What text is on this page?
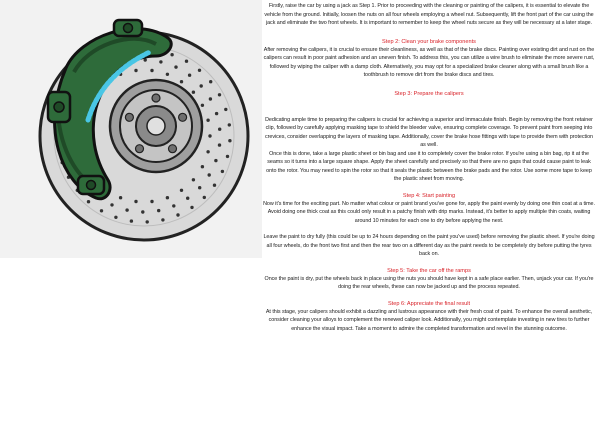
Firstly, raise the car by using a jack as Step 1. Prior to proceeding with the cleaning or painting of the calipers, it is essential to elevate the vehicle from the ground. Initially, loosen the nuts on all four wheels employing a wheel nut. Subsequently, lift the front part of the car using the jack and eliminate the two front wheels. It is important to remember to keep the wheel nuts secure as they will be necessary at a later stage.

Step 2: Clean your brake components

After removing the calipers, it is crucial to ensure their cleanliness, as well as that of the brake discs. Painting over existing dirt and rust on the calipers can result in poor paint adhesion and an uneven finish. To address this, you can utilize a wire brush to eliminate the more severe rust, followed by wiping the caliper with a damp cloth. Alternatively, you may opt for a specialized brake cleaner along with a small brush like a toothbrush to remove dirt from the brake discs and tires.

Step 3: Prepare the calipers

Dedicating ample time to preparing the calipers is crucial for achieving a superior and immaculate finish. Begin by removing the front retainer clip, followed by carefully applying masking tape to shield the bleeder valve, ensuring complete coverage. To prevent paint from seeping into crevices, consider overlapping the layers of masking tape. Additionally, cover the brake hose fittings with tape to provide them with protection as well.

Once this is done, take a large plastic sheet or bin bag and use it to completely cover the brake rotor. If you're using a bin bag, rip it at the seams so it turns into a large square shape. Apply the sheet carefully and precisely so that there are no gaps that could cause paint to leak onto the rotor. You may need to spin the rotor so that it seals the plastic between the brake pads and the rotor. Use some more tape to keep the plastic sheet from moving.

Step 4: Start painting

Now it's time for the exciting part. No matter what colour or paint brand you've gone for, apply the paint evenly by doing one thin coat at a time. Avoid doing one thick coat as this could only result in a patchy finish with drip marks. Instead, it's better to apply multiple thin coats, waiting around 10 minutes for each one to dry before applying the next.

Leave the paint to dry fully (this could be up to 24 hours depending on the paint you've used) before removing the plastic sheet. If you're doing all four wheels, do the front two first and then the rear two on a different day as the paint needs to be completely dry before putting the tyres back on.

Step 5: Take the car off the ramps

Once the paint is dry, put the wheels back in place using the nuts you should have kept in a safe place earlier. Then, unjack your car. If you're doing the rear wheels, these can now be jacked up and the process repeated.

Step 6: Appreciate the final result

At this stage, your calipers should exhibit a dazzling and lustrous appearance with their fresh coat of paint. To enhance the overall aesthetic, consider cleaning your alloys to complement the renewed caliper look. Additionally, you might contemplate investing in new tires to further enhance the visual impact. Take a moment to admire the completed transformation and revel in the stunning outcome.
